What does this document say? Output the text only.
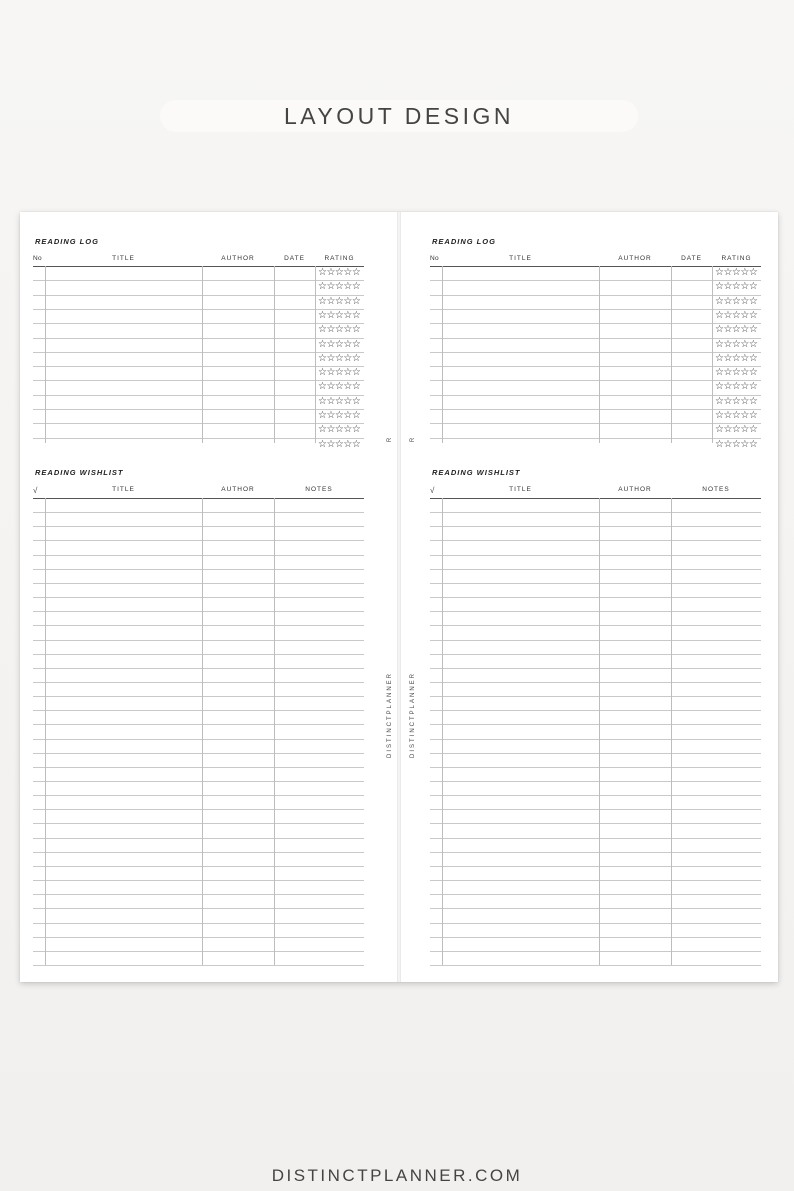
LAYOUT DESIGN
READING LOG
No	TITLE	AUTHOR	DATE	RATING
☆☆☆☆☆
☆☆☆☆☆
☆☆☆☆☆
☆☆☆☆☆
☆☆☆☆☆
☆☆☆☆☆
☆☆☆☆☆
☆☆☆☆☆
☆☆☆☆☆
☆☆☆☆☆
☆☆☆☆☆
☆☆☆☆☆
☆☆☆☆☆
READING WISHLIST
√	TITLE	AUTHOR	NOTES
READING LOG
No	TITLE	AUTHOR	DATE	RATING
☆☆☆☆☆
☆☆☆☆☆
☆☆☆☆☆
☆☆☆☆☆
☆☆☆☆☆
☆☆☆☆☆
☆☆☆☆☆
☆☆☆☆☆
☆☆☆☆☆
☆☆☆☆☆
☆☆☆☆☆
☆☆☆☆☆
☆☆☆☆☆
READING WISHLIST
√	TITLE	AUTHOR	NOTES
DISTINCTPLANNER
R
DISTINCTPLANNER
R
DISTINCTPLANNER.COM
